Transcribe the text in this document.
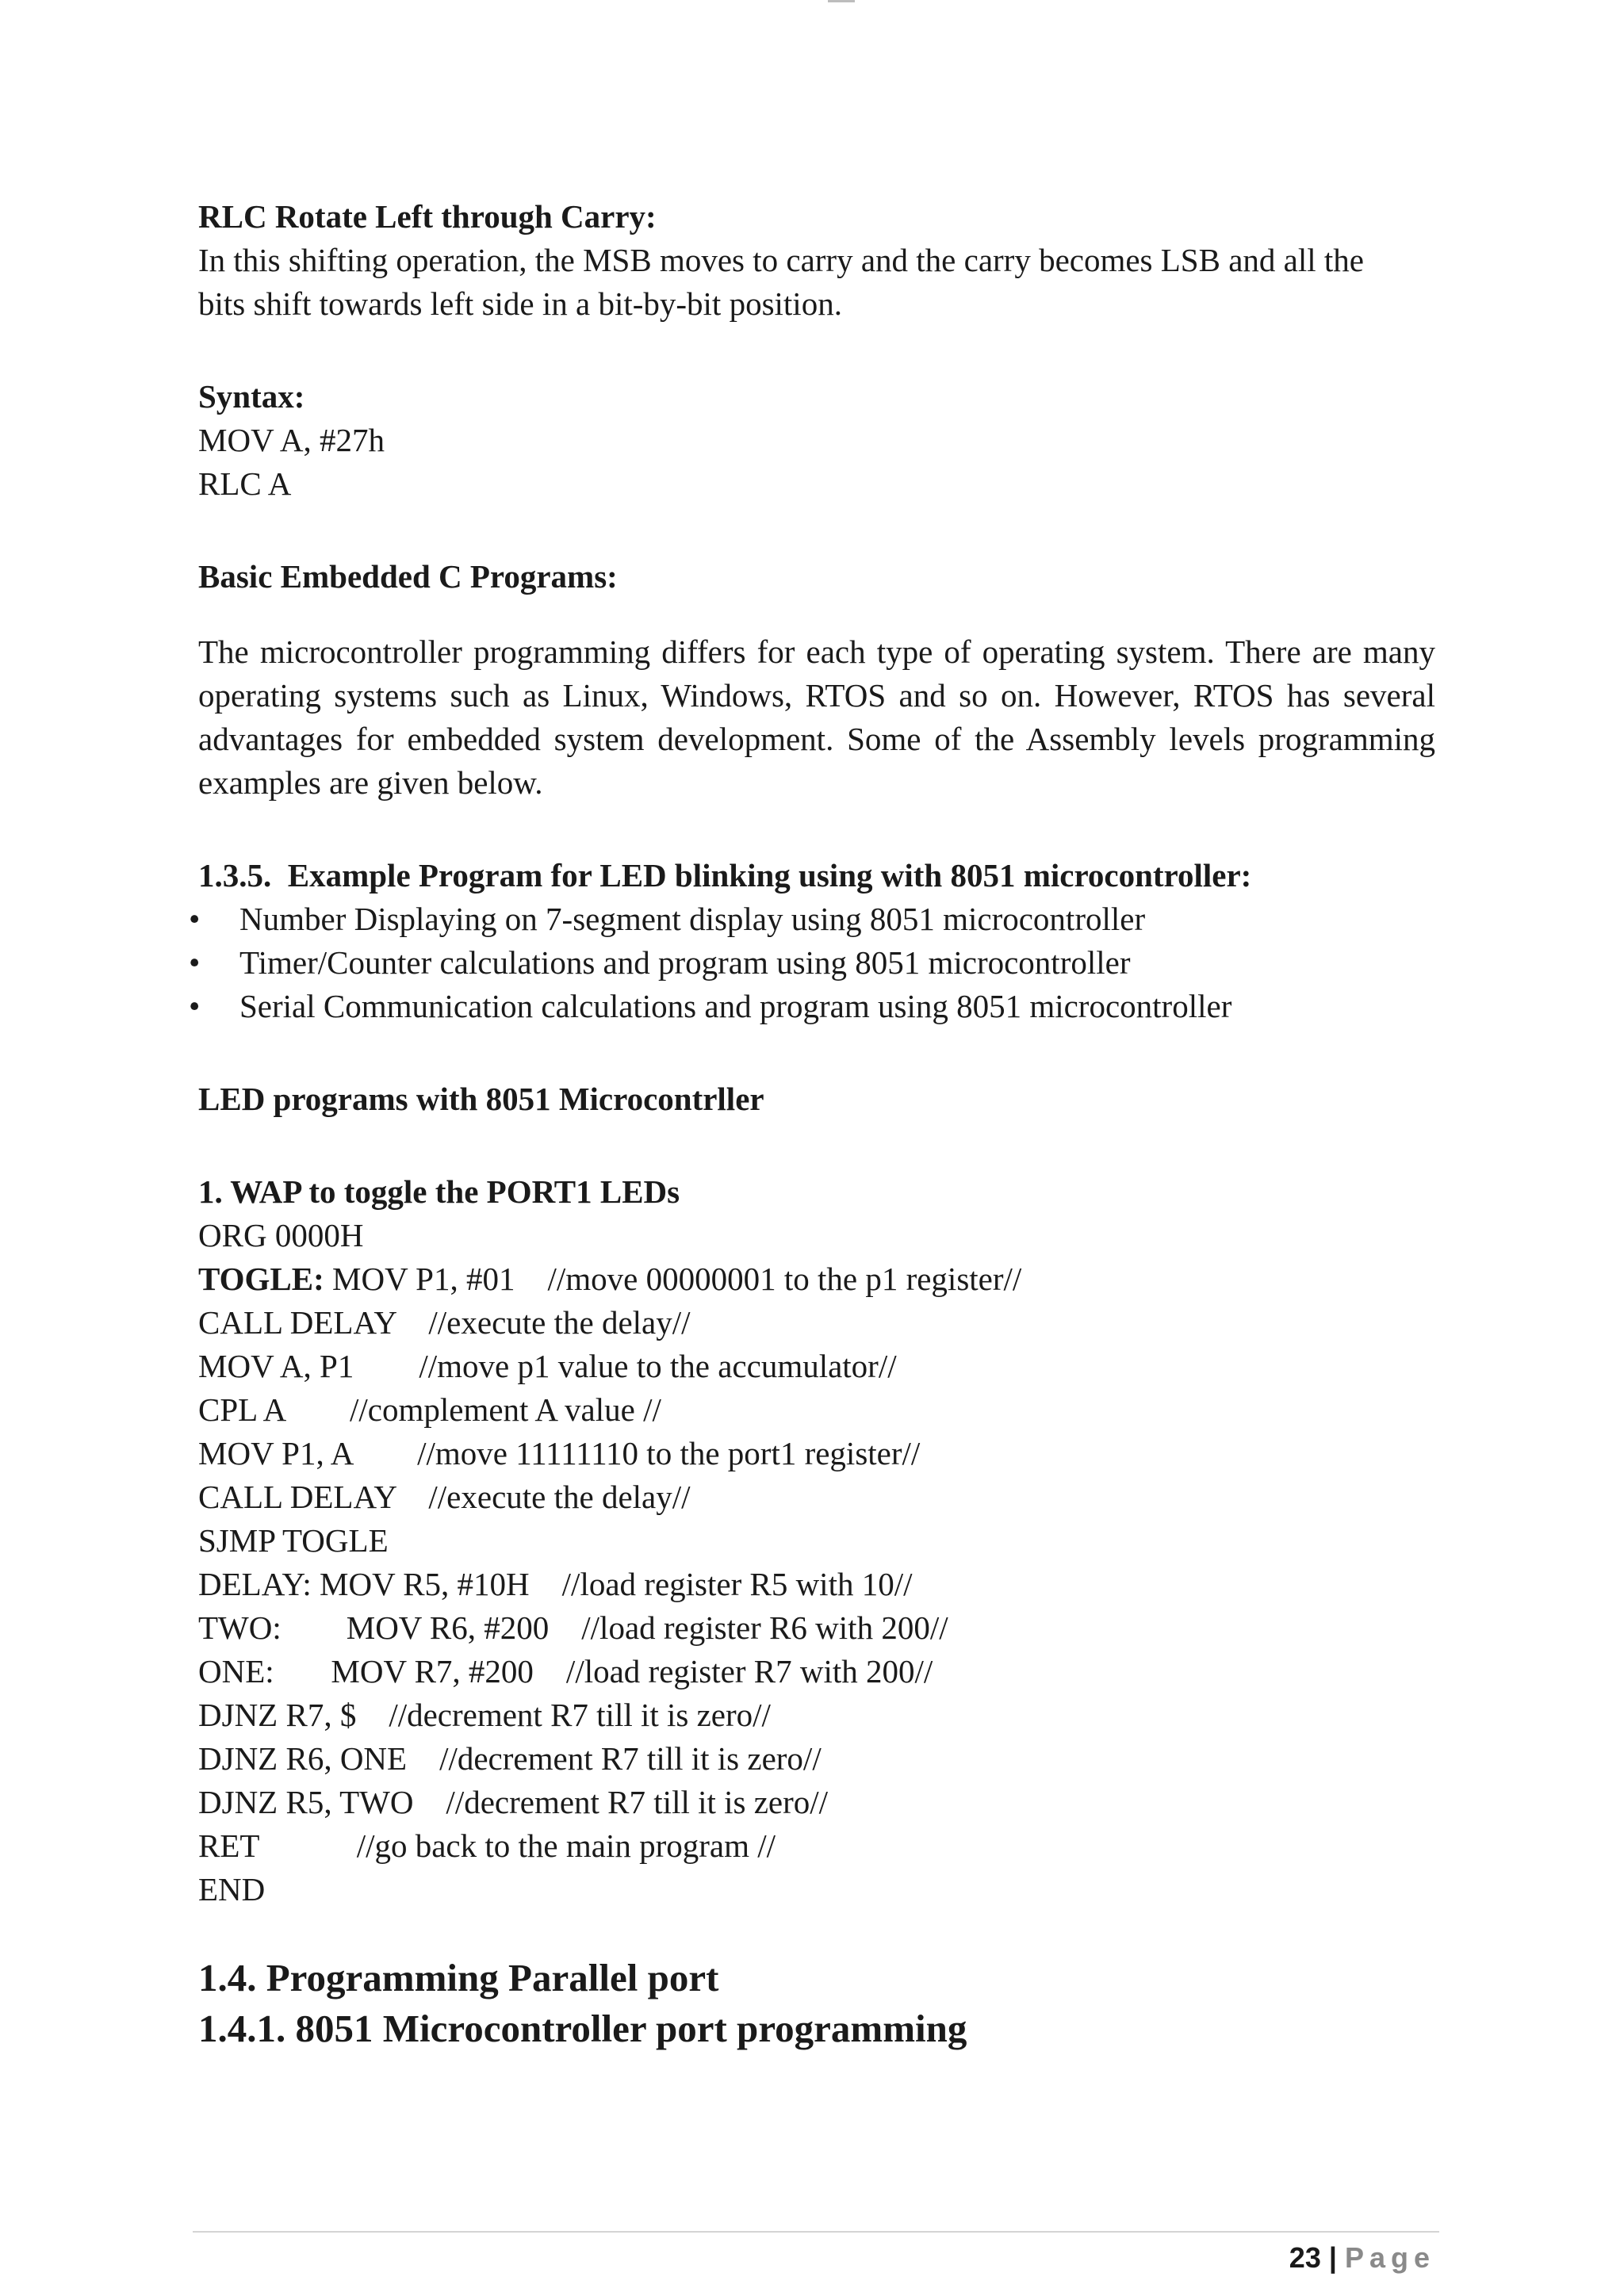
RLC Rotate Left through Carry:
In this shifting operation, the MSB moves to carry and the carry becomes LSB and all the
bits shift towards left side in a bit-by-bit position.
Syntax:
MOV A, #27h
RLC A
Basic Embedded C Programs:
The microcontroller programming differs for each type of operating system. There are many operating systems such as Linux, Windows, RTOS and so on. However, RTOS has several advantages for embedded system development. Some of the Assembly levels programming examples are given below.
1.3.5.  Example Program for LED blinking using with 8051 microcontroller:
• Number Displaying on 7-segment display using 8051 microcontroller
• Timer/Counter calculations and program using 8051 microcontroller
• Serial Communication calculations and program using 8051 microcontroller
LED programs with 8051 Microcontrller
1. WAP to toggle the PORT1 LEDs
ORG 0000H
TOGLE: MOV P1, #01    //move 00000001 to the p1 register//
CALL DELAY    //execute the delay//
MOV A, P1        //move p1 value to the accumulator//
CPL A        //complement A value //
MOV P1, A        //move 11111110 to the port1 register//
CALL DELAY    //execute the delay//
SJMP TOGLE
DELAY: MOV R5, #10H    //load register R5 with 10//
TWO:        MOV R6, #200    //load register R6 with 200//
ONE:       MOV R7, #200    //load register R7 with 200//
DJNZ R7, $    //decrement R7 till it is zero//
DJNZ R6, ONE    //decrement R7 till it is zero//
DJNZ R5, TWO    //decrement R7 till it is zero//
RET            //go back to the main program //
END
1.4. Programming Parallel port
1.4.1. 8051 Microcontroller port programming
23 | Page
